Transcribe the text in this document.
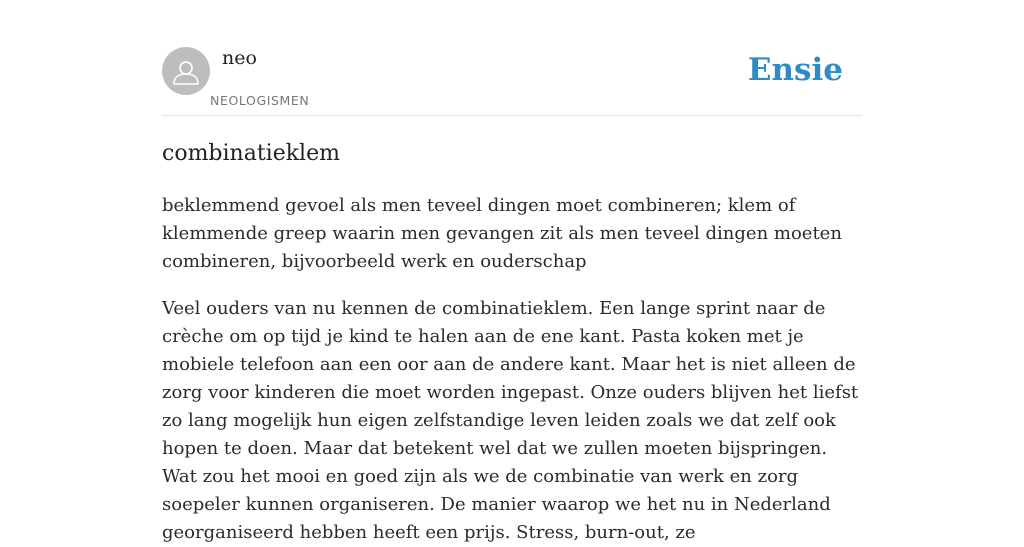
neo
NEOLOGISMEN
Ensie
combinatieklem

beklemmend gevoel als men teveel dingen moet combineren; klem of klemmende greep waarin men gevangen zit als men teveel dingen moeten combineren, bijvoorbeeld werk en ouderschap

Veel ouders van nu kennen de combinatieklem. Een lange sprint naar de crèche om op tijd je kind te halen aan de ene kant. Pasta koken met je mobiele telefoon aan een oor aan de andere kant. Maar het is niet alleen de zorg voor kinderen die moet worden ingepast. Onze ouders blijven het liefst zo lang mogelijk hun eigen zelfstandige leven leiden zoals we dat zelf ook hopen te doen. Maar dat betekent wel dat we zullen moeten bijspringen. Wat zou het mooi en goed zijn als we de combinatie van werk en zorg soepeler kunnen organiseren. De manier waarop we het nu in Nederland georganiseerd hebben heeft een prijs. Stress, burn-out, ze
